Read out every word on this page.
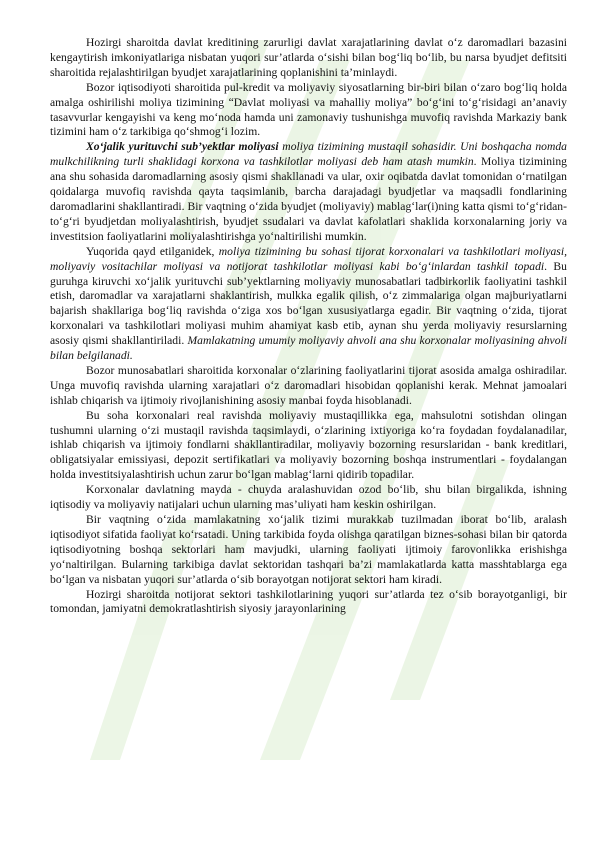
Hozirgi sharoitda davlat kreditining zarurligi davlat xarajatlarining davlat o‘z daromadlari bazasini kengaytirish imkoniyatlariga nisbatan yuqori sur’atlarda o‘sishi bilan bog‘liq bo‘lib, bu narsa byudjet defitsiti sharoitida rejalashtirilgan byudjet xarajatlarining qoplanishini ta’minlaydi.

Bozor iqtisodiyoti sharoitida pul-kredit va moliyaviy siyosatlarning bir-biri bilan o‘zaro bog‘liq holda amalga oshirilishi moliya tizimining “Davlat moliyasi va mahalliy moliya” bo‘g‘ini to‘g‘risidagi an’anaviy tasavvurlar kengayishi va keng mo‘noda hamda uni zamonaviy tushunishga muvofiq ravishda Markaziy bank tizimini ham o‘z tarkibiga qo‘shmog‘i lozim.

Xo‘jalik yurituvchi sub’yektlar moliyasi moliya tizimining mustaqil sohasidir. Uni boshqacha nomda mulkchilikning turli shaklidagi korxona va tashkilotlar moliyasi deb ham atash mumkin. Moliya tizimining ana shu sohasida daromadlarning asosiy qismi shakllanadi va ular, oxir oqibatda davlat tomonidan o‘rnatilgan qoidalarga muvofiq ravishda qayta taqsimlanib, barcha darajadagi byudjetlar va maqsadli fondlarining daromadlarini shakllantiradi. Bir vaqtning o‘zida byudjet (moliyaviy) mablag‘lar(i)ning katta qismi to‘g‘ridan-to‘g‘ri byudjetdan moliyalashtirish, byudjet ssudalari va davlat kafolatlari shaklida korxonalarning joriy va investitsion faoliyatlarini moliyalashtirishga yo‘naltirilishi mumkin.

Yuqorida qayd etilganidek, moliya tizimining bu sohasi tijorat korxonalari va tashkilotlari moliyasi, moliyaviy vositachilar moliyasi va notijorat tashkilotlar moliyasi kabi bo‘g‘inlardan tashkil topadi. Bu guruhga kiruvchi xo‘jalik yurituvchi sub’yektlarning moliyaviy munosabatlari tadbirkorlik faoliyatini tashkil etish, daromadlar va xarajatlarni shaklantirish, mulkka egalik qilish, o‘z zimmalariga olgan majburiyatlarni bajarish shakllariga bog‘liq ravishda o‘ziga xos bo‘lgan xususiyatlarga egadir. Bir vaqtning o‘zida, tijorat korxonalari va tashkilotlari moliyasi muhim ahamiyat kasb etib, aynan shu yerda moliyaviy resurslarning asosiy qismi shakllantiriladi. Mamlakatning umumiy moliyaviy ahvoli ana shu korxonalar moliyasining ahvoli bilan belgilanadi.

Bozor munosabatlari sharoitida korxonalar o‘zlarining faoliyatlarini tijorat asosida amalga oshiradilar. Unga muvofiq ravishda ularning xarajatlari o‘z daromadlari hisobidan qoplanishi kerak. Mehnat jamoalari ishlab chiqarish va ijtimoiy rivojlanishining asosiy manbai foyda hisoblanadi.

Bu soha korxonalari real ravishda moliyaviy mustaqillikka ega, mahsulotni sotishdan olingan tushumni ularning o‘zi mustaqil ravishda taqsimlaydi, o‘zlarining ixtiyoriga ko‘ra foydadan foydalanadilar, ishlab chiqarish va ijtimoiy fondlarni shakllantiradilar, moliyaviy bozorning resurslaridan - bank kreditlari, obligatsiyalar emissiyasi, depozit sertifikatlari va moliyaviy bozorning boshqa instrumentlari - foydalangan holda investitsiyalashtirish uchun zarur bo‘lgan mablag‘larni qidirib topadilar.

Korxonalar davlatning mayda - chuyda aralashuvidan ozod bo‘lib, shu bilan birgalikda, ishning iqtisodiy va moliyaviy natijalari uchun ularning mas’uliyati ham keskin oshirilgan.

Bir vaqtning o‘zida mamlakatning xo‘jalik tizimi murakkab tuzilmadan iborat bo‘lib, aralash iqtisodiyot sifatida faoliyat ko‘rsatadi. Uning tarkibida foyda olishga qaratilgan biznes-sohasi bilan bir qatorda iqtisodiyotning boshqa sektorlari ham mavjudki, ularning faoliyati ijtimoiy farovonlikka erishishga yo‘naltirilgan. Bularning tarkibiga davlat sektoridan tashqari ba’zi mamlakatlarda katta masshtablarga ega bo‘lgan va nisbatan yuqori sur’atlarda o‘sib borayotgan notijorat sektori ham kiradi.

Hozirgi sharoitda notijorat sektori tashkilotlarining yuqori sur’atlarda tez o‘sib borayotganligi, bir tomondan, jamiyatni demokratlashtirish siyosiy jarayonlarining
